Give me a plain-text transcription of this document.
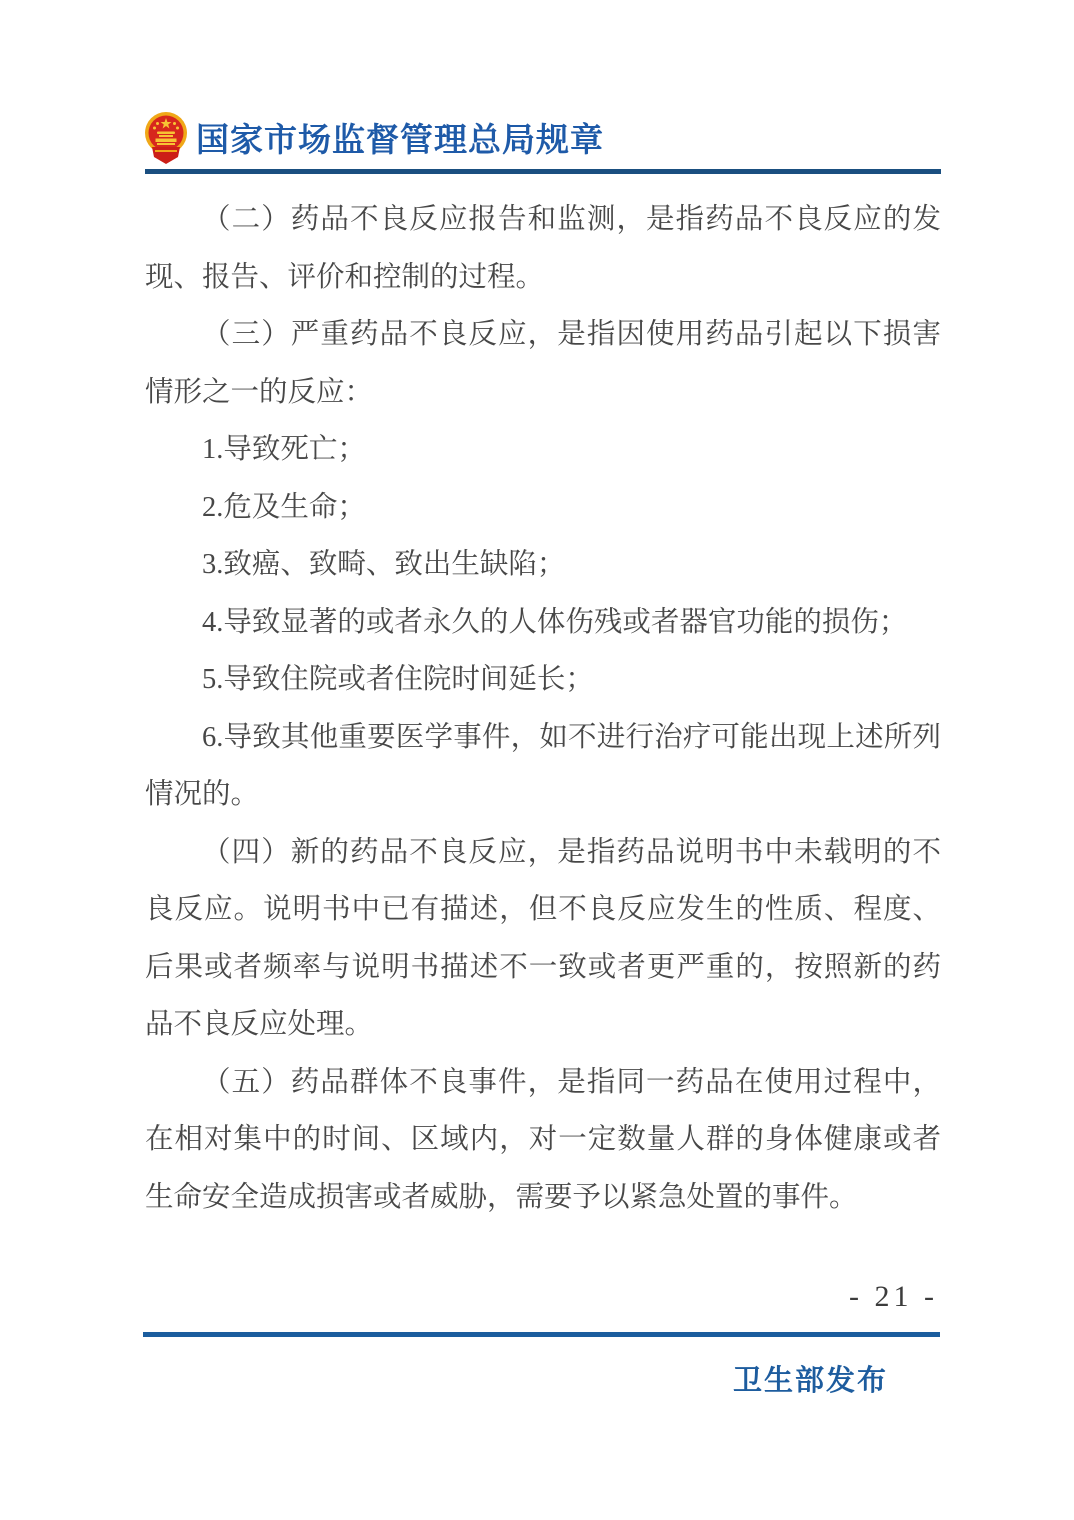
国家市场监督管理总局规章

（二）药品不良反应报告和监测，是指药品不良反应的发现、报告、评价和控制的过程。

（三）严重药品不良反应，是指因使用药品引起以下损害情形之一的反应：

1.导致死亡；

2.危及生命；

3.致癌、致畸、致出生缺陷；

4.导致显著的或者永久的人体伤残或者器官功能的损伤；

5.导致住院或者住院时间延长；

6.导致其他重要医学事件，如不进行治疗可能出现上述所列情况的。

（四）新的药品不良反应，是指药品说明书中未载明的不良反应。说明书中已有描述，但不良反应发生的性质、程度、后果或者频率与说明书描述不一致或者更严重的，按照新的药品不良反应处理。

（五）药品群体不良事件，是指同一药品在使用过程中，在相对集中的时间、区域内，对一定数量人群的身体健康或者生命安全造成损害或者威胁，需要予以紧急处置的事件。

- 21 -
卫生部发布
